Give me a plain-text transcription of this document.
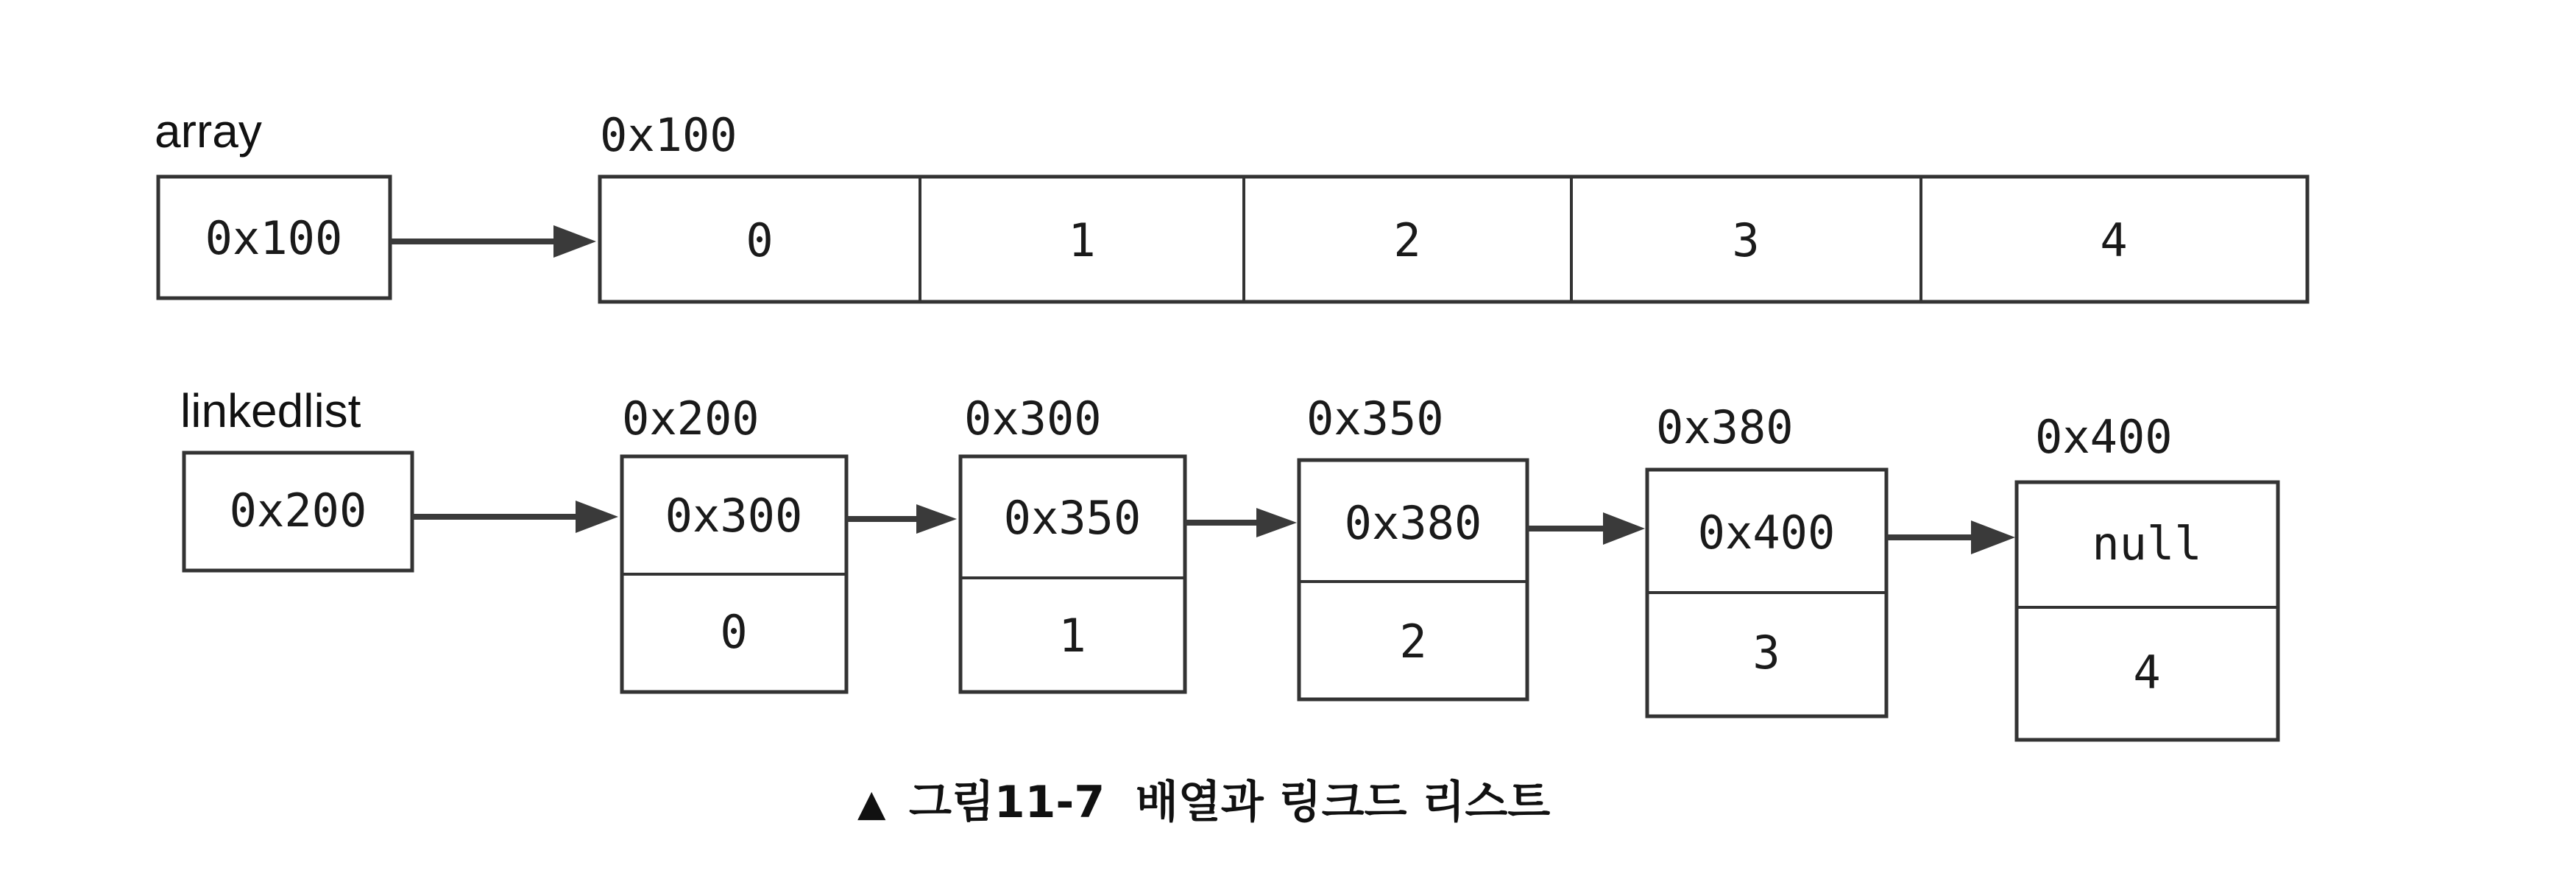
array
0x100
0x100
0	1	2	3	4
linkedlist
0x200
0x200
0x300
0
0x300
0x350
1
0x350
0x380
2
0x380
0x400
3
0x400
null
4
▲ 그림11-7  배열과 링크드 리스트
